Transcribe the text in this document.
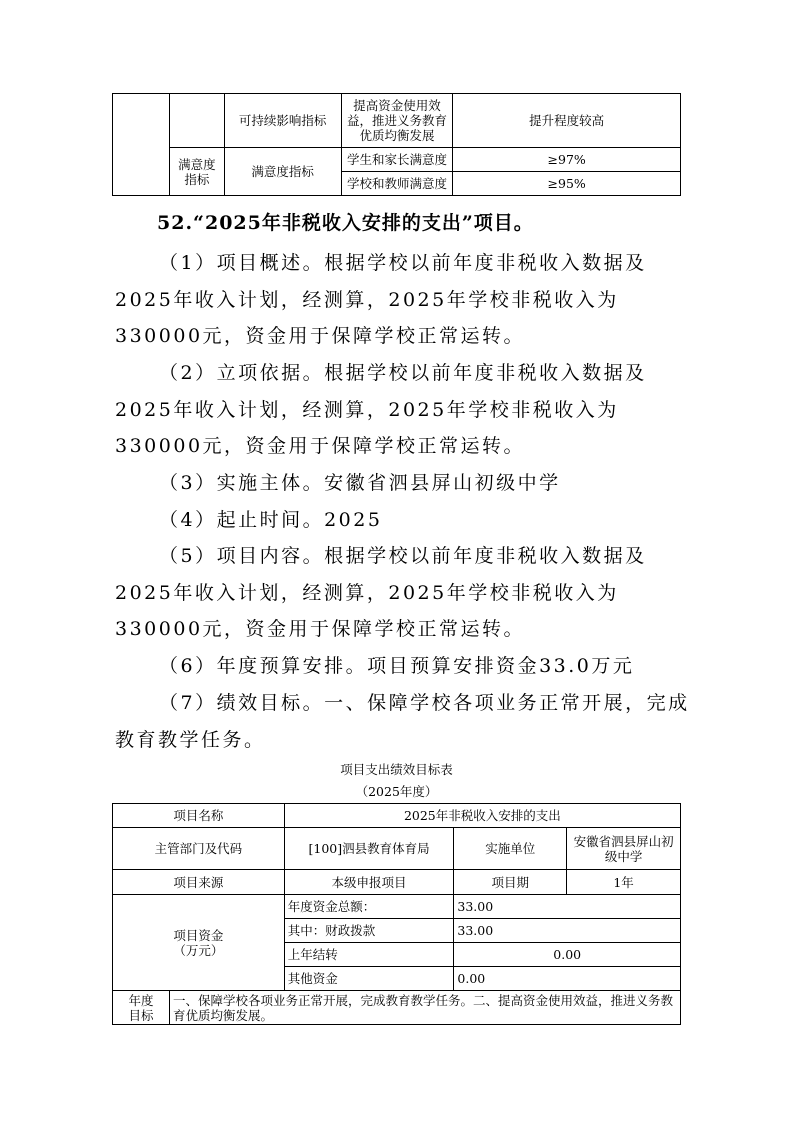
		可持续影响指标	提高资金使用效益，推进义务教育优质均衡发展	提升程度较高
	满意度指标	满意度指标	学生和家长满意度	≥97%
			学校和教师满意度	≥95%
52.“2025年非税收入安排的支出”项目。

（1）项目概述。根据学校以前年度非税收入数据及2025年收入计划，经测算，2025年学校非税收入为330000元，资金用于保障学校正常运转。

（2）立项依据。根据学校以前年度非税收入数据及2025年收入计划，经测算，2025年学校非税收入为330000元，资金用于保障学校正常运转。

（3）实施主体。安徽省泗县屏山初级中学

（4）起止时间。2025

（5）项目内容。根据学校以前年度非税收入数据及2025年收入计划，经测算，2025年学校非税收入为330000元，资金用于保障学校正常运转。

（6）年度预算安排。项目预算安排资金33.0万元

（7）绩效目标。一、保障学校各项业务正常开展，完成教育教学任务。

项目支出绩效目标表
（2025年度）
项目名称		2025年非税收入安排的支出		
主管部门及代码		[100]泗县教育体育局	实施单位	安徽省泗县屏山初级中学
项目来源		本级申报项目	项目期	1年

项目资金（万元）		年度资金总额：	33.00	
		其中：财政拨款	33.00	
		上年结转	0.00	
		其他资金	0.00	

年度目标	一、保障学校各项业务正常开展，完成教育教学任务。二、提高资金使用效益，推进义务教育优质均衡发展。			
